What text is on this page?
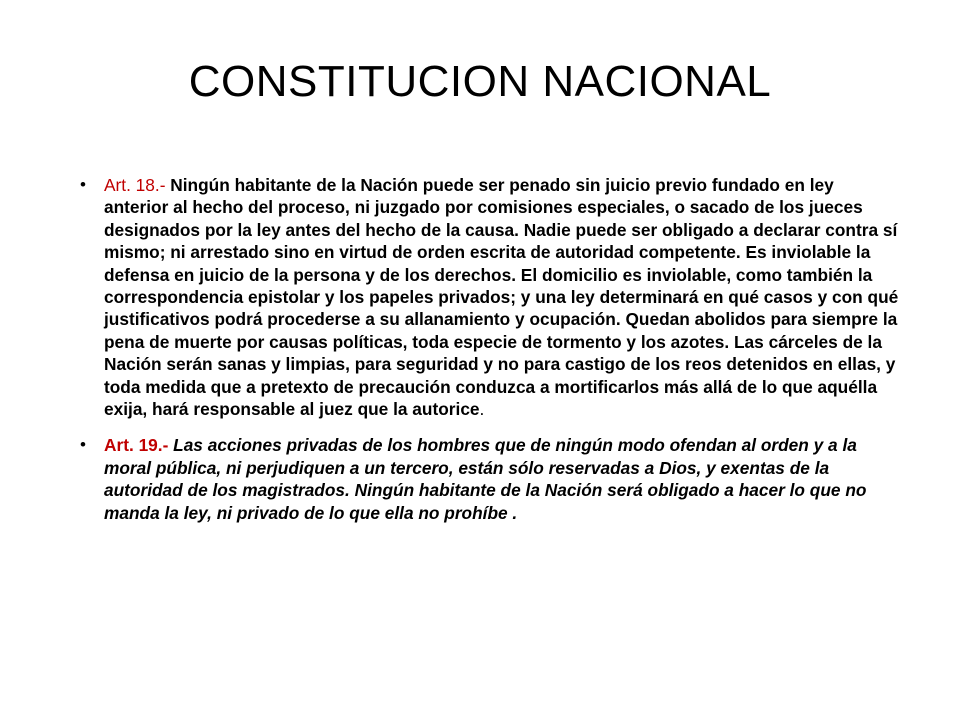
CONSTITUCION NACIONAL

• Art. 18.- Ningún habitante de la Nación puede ser penado sin juicio previo fundado en ley anterior al hecho del proceso, ni juzgado por comisiones especiales, o sacado de los jueces designados por la ley antes del hecho de la causa. Nadie puede ser obligado a declarar contra sí mismo; ni arrestado sino en virtud de orden escrita de autoridad competente. Es inviolable la defensa en juicio de la persona y de los derechos. El domicilio es inviolable, como también la correspondencia epistolar y los papeles privados; y una ley determinará en qué casos y con qué justificativos podrá procederse a su allanamiento y ocupación. Quedan abolidos para siempre la pena de muerte por causas políticas, toda especie de tormento y los azotes. Las cárceles de la Nación serán sanas y limpias, para seguridad y no para castigo de los reos detenidos en ellas, y toda medida que a pretexto de precaución conduzca a mortificarlos más allá de lo que aquélla exija, hará responsable al juez que la autorice.

• Art. 19.- Las acciones privadas de los hombres que de ningún modo ofendan al orden y a la moral pública, ni perjudiquen a un tercero, están sólo reservadas a Dios, y exentas de la autoridad de los magistrados. Ningún habitante de la Nación será obligado a hacer lo que no manda la ley, ni privado de lo que ella no prohíbe .
